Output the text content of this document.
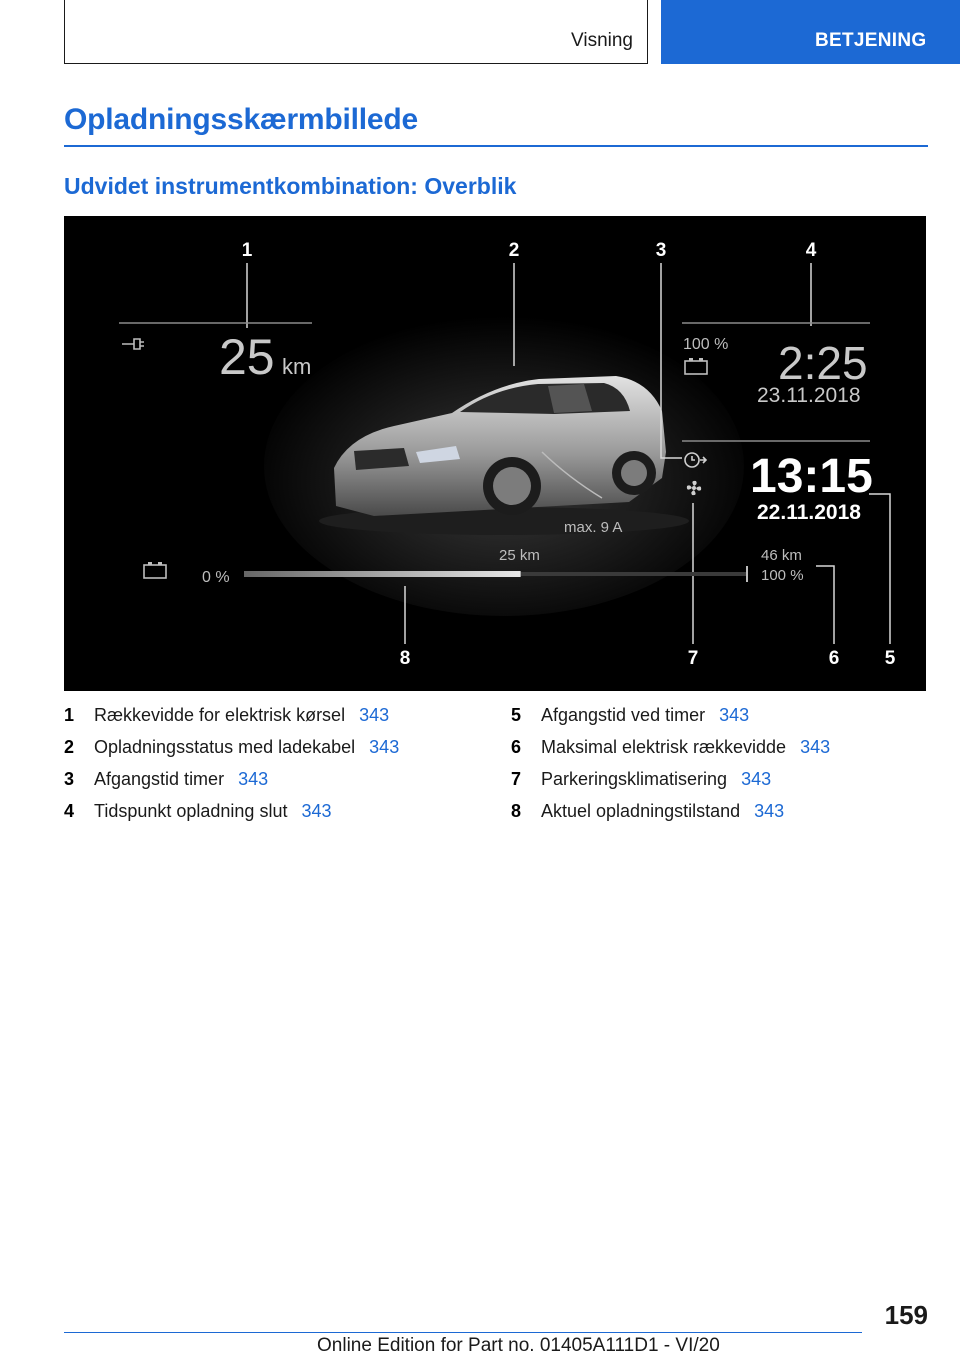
Visning	BETJENING
Opladningsskærmbillede
Udvidet instrumentkombination: Overblik
1	2	3	4
5
6
7
8
25 km
100 % 2:25
23.11.2018
13:15
22.11.2018
max. 9 A
0 %
25 km	46 km
100 %
1	Rækkevidde for elektrisk kørsel 343
2	Opladningsstatus med ladekabel 343
3	Afgangstid timer 343
4	Tidspunkt opladning slut 343
5	Afgangstid ved timer 343
6	Maksimal elektrisk rækkevidde 343
7	Parkeringsklimatisering 343
8	Aktuel opladningstilstand 343
159
Online Edition for Part no. 01405A111D1 - VI/20
